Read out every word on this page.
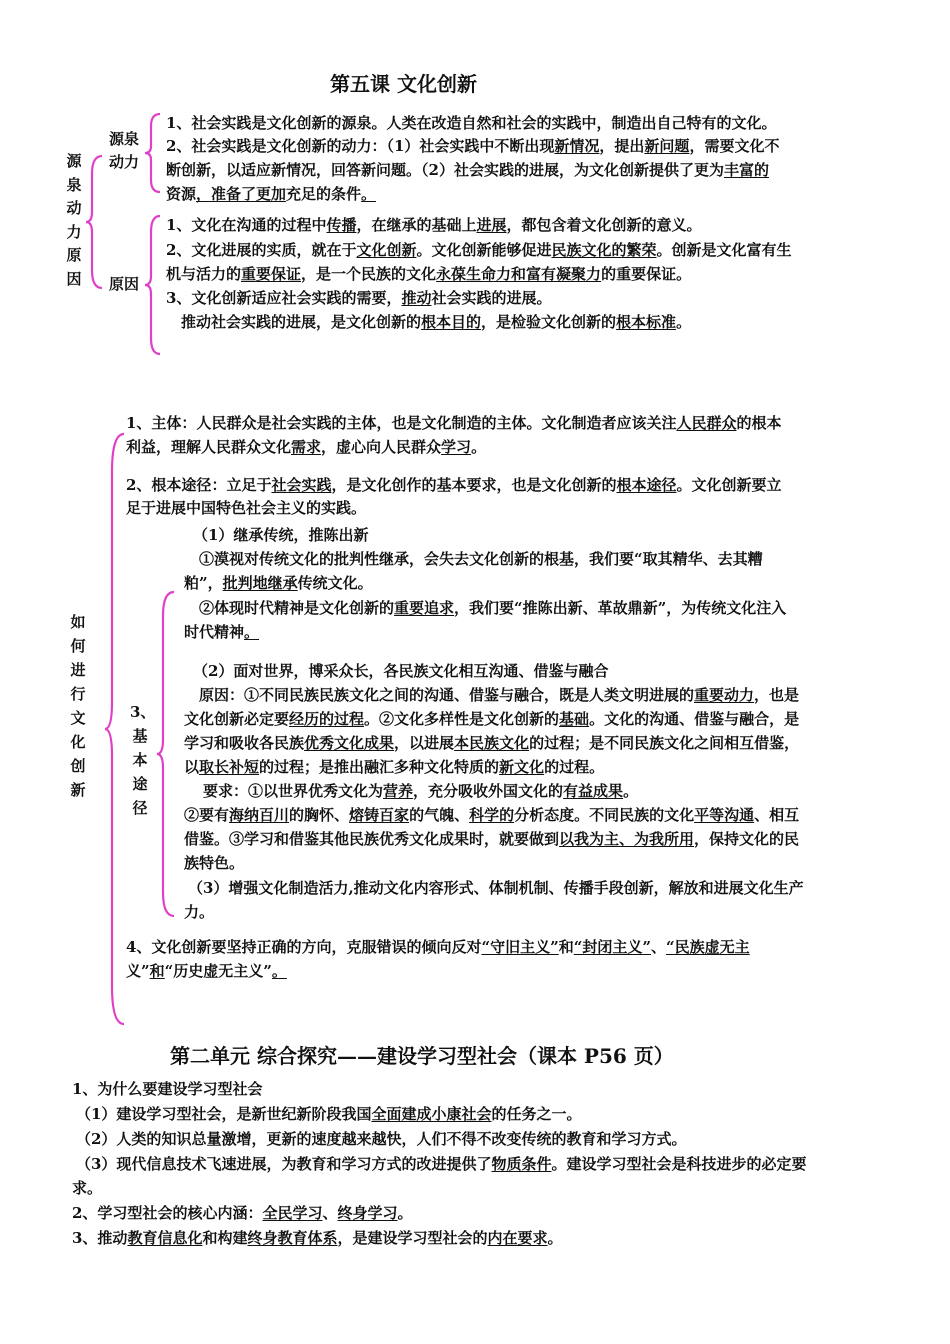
第五课 文化创新
源泉动力原因
源泉
动力
1、社会实践是文化创新的源泉。人类在改造自然和社会的实践中，制造出自己特有的文化。
2、社会实践是文化创新的动力：（1）社会实践中不断出现新情况，提出新问题，需要文化不
断创新，以适应新情况，回答新问题。（2）社会实践的进展，为文化创新提供了更为丰富的
资源，准备了更加充足的条件。
原因
1、文化在沟通的过程中传播，在继承的基础上进展，都包含着文化创新的意义。
2、文化进展的实质，就在于文化创新。文化创新能够促进民族文化的繁荣。创新是文化富有生
机与活力的重要保证，是一个民族的文化永葆生命力和富有凝聚力的重要保证。
3、文化创新适应社会实践的需要，推动社会实践的进展。
推动社会实践的进展，是文化创新的根本目的，是检验文化创新的根本标准。
如何进行文化创新
1、主体：人民群众是社会实践的主体，也是文化制造的主体。文化制造者应该关注人民群众的根本
利益，理解人民群众文化需求，虚心向人民群众学习。
2、根本途径：立足于社会实践，是文化创作的基本要求，也是文化创新的根本途径。文化创新要立
足于进展中国特色社会主义的实践。
3、基本途径
（1）继承传统，推陈出新
①漠视对传统文化的批判性继承，会失去文化创新的根基，我们要“取其精华、去其糟
粕”，批判地继承传统文化。
②体现时代精神是文化创新的重要追求，我们要“推陈出新、革故鼎新”，为传统文化注入
时代精神。
（2）面对世界，博采众长，各民族文化相互沟通、借鉴与融合
原因：①不同民族民族文化之间的沟通、借鉴与融合，既是人类文明进展的重要动力，也是
文化创新必定要经历的过程。②文化多样性是文化创新的基础。文化的沟通、借鉴与融合，是
学习和吸收各民族优秀文化成果，以进展本民族文化的过程；是不同民族文化之间相互借鉴，
以取长补短的过程；是推出融汇多种文化特质的新文化的过程。
要求：①以世界优秀文化为营养，充分吸收外国文化的有益成果。
②要有海纳百川的胸怀、熔铸百家的气魄、科学的分析态度。不同民族的文化平等沟通、相互
借鉴。③学习和借鉴其他民族优秀文化成果时，就要做到以我为主、为我所用，保持文化的民
族特色。
（3）增强文化制造活力,推动文化内容形式、体制机制、传播手段创新，解放和进展文化生产
力。
4、文化创新要坚持正确的方向，克服错误的倾向反对“守旧主义”和“封闭主义”、“民族虚无主
义”和“历史虚无主义”。
第二单元 综合探究——建设学习型社会（课本 P56 页）
1、为什么要建设学习型社会
（1）建设学习型社会，是新世纪新阶段我国全面建成小康社会的任务之一。
（2）人类的知识总量激增，更新的速度越来越快，人们不得不改变传统的教育和学习方式。
（3）现代信息技术飞速进展，为教育和学习方式的改进提供了物质条件。建设学习型社会是科技进步的必定要
求。
2、学习型社会的核心内涵：全民学习、终身学习。
3、推动教育信息化和构建终身教育体系，是建设学习型社会的内在要求。
